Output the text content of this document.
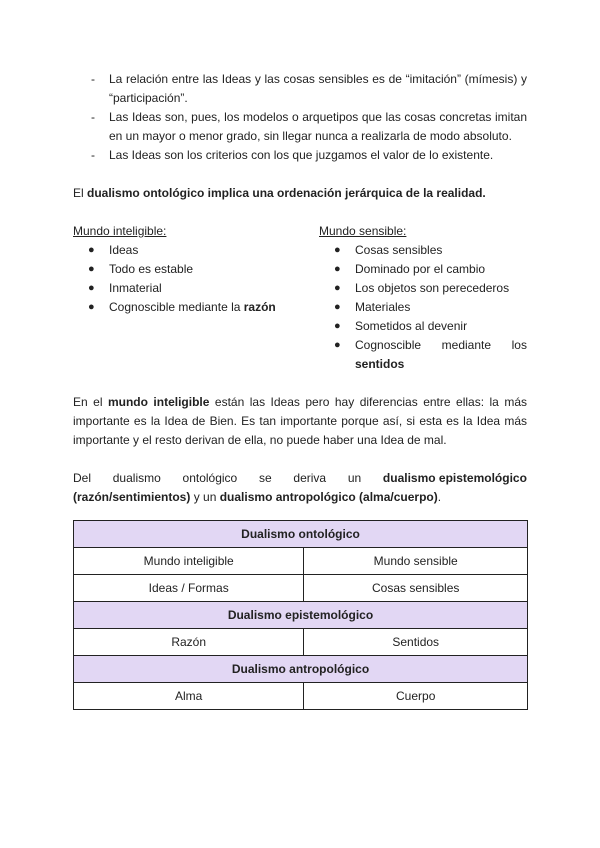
- La relación entre las Ideas y las cosas sensibles es de “imitación” (mímesis) y “participación”.
- Las Ideas son, pues, los modelos o arquetipos que las cosas concretas imitan en un mayor o menor grado, sin llegar nunca a realizarla de modo absoluto.
- Las Ideas son los criterios con los que juzgamos el valor de lo existente.

El dualismo ontológico implica una ordenación jerárquica de la realidad.

Mundo inteligible:
● Ideas
● Todo es estable
● Inmaterial
● Cognoscible mediante la razón
Mundo sensible:
● Cosas sensibles
● Dominado por el cambio
● Los objetos son perecederos
● Materiales
● Sometidos al devenir
● Cognoscible mediante los
sentidos

En el mundo inteligible están las Ideas pero hay diferencias entre ellas: la más importante es la Idea de Bien. Es tan importante porque así, si esta es la Idea más importante y el resto derivan de ella, no puede haber una Idea de mal.

Del dualismo ontológico se deriva un dualismo epistemológico

(razón/sentimientos) y un dualismo antropológico (alma/cuerpo).

Dualismo ontológico	
Mundo inteligible	Mundo sensible
Ideas / Formas	Cosas sensibles
Dualismo epistemológico	
Razón	Sentidos
Dualismo antropológico	
Alma	Cuerpo
